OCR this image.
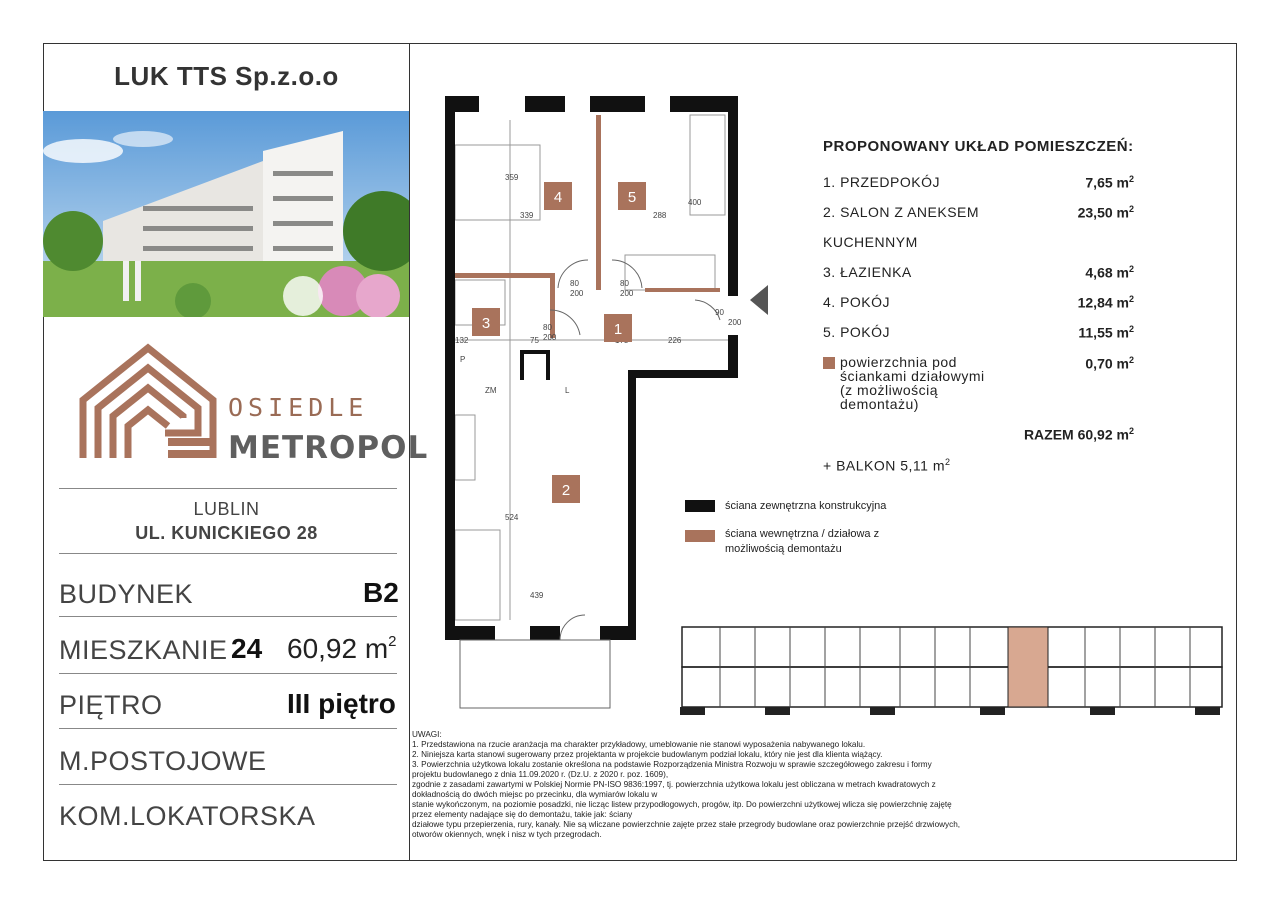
LUK TTS Sp.z.o.o
OSIEDLE
METROPOL
LUBLIN
UL. KUNICKIEGO 28
BUDYNEK	B2
MIESZKANIE 24 60,92 $m^2$
PIĘTRO	III piętro
M.POSTOJOWE
KOM.LOKATORSKA
359
339	288
400
80
200
80
200
80
200
90
200
132	75	226
524
439
ZM
P
L
4	5
3	1
2
PROPONOWANY UKŁAD POMIESZCZEŃ:
1. PRZEDPOKÓJ	7,65 $m^2$
2. SALON Z ANEKSEM	23,50 $m^2$
KUCHENNYM
3. ŁAZIENKA	4,68 $m^2$
4. POKÓJ	12,84 $m^2$
5. POKÓJ	11,55 $m^2$
powierzchnia pod
ściankami działowymi
(z możliwością
demontażu)
0,70 $m^2$
RAZEM 60,92 $m^2$
+ BALKON 5,11 $m^2$
ściana zewnętrzna konstrukcyjna
ściana wewnętrzna / działowa z
możliwością demontażu

UWAGI:

1. Przedstawiona na rzucie aranżacja ma charakter przykładowy, umeblowanie nie stanowi wyposażenia nabywanego lokalu.

2. Niniejsza karta stanowi sugerowany przez projektanta w projekcie budowlanym podział lokalu, który nie jest dla klienta wiążący.

3. Powierzchnia użytkowa lokalu zostanie określona na podstawie Rozporządzenia Ministra Rozwoju w sprawie szczegółowego zakresu i formy

projektu budowlanego z dnia 11.09.2020 r. (Dz.U. z 2020 r. poz. 1609),

zgodnie z zasadami zawartymi w Polskiej Normie PN-ISO 9836:1997, tj. powierzchnia użytkowa lokalu jest obliczana w metrach kwadratowych z

dokładnością do dwóch miejsc po przecinku, dla wymiarów lokalu w

stanie wykończonym, na poziomie posadzki, nie licząc listew przypodłogowych, progów, itp. Do powierzchni użytkowej wlicza się powierzchnię zajętę

przez elementy nadające się do demontażu, takie jak: ściany

działowe typu przepierzenia, rury, kanały. Nie są wliczane powierzchnie zajęte przez stałe przegrody budowlane oraz powierzchnie przejść drzwiowych,

otworów okiennych, wnęk i nisz w tych przegrodach.
